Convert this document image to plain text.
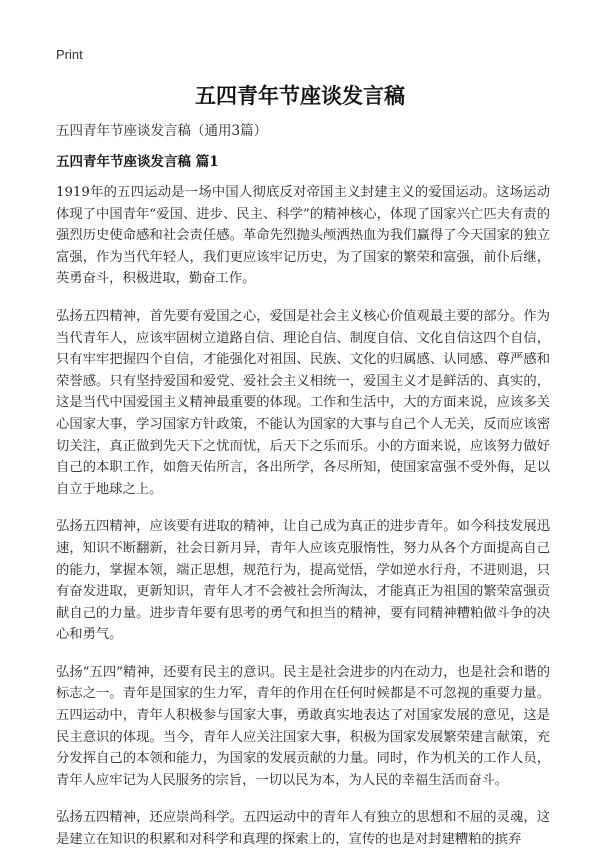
Print
五四青年节座谈发言稿

五四青年节座谈发言稿（通用3篇）

五四青年节座谈发言稿 篇1

1919年的五四运动是一场中国人彻底反对帝国主义封建主义的爱国运动。这场运动体现了中国青年“爱国、进步、民主、科学”的精神核心，体现了国家兴亡匹夫有责的强烈历史使命感和社会责任感。革命先烈抛头颅洒热血为我们赢得了今天国家的独立富强，作为当代年轻人，我们更应该牢记历史，为了国家的繁荣和富强，前仆后继，英勇奋斗，积极进取，勤奋工作。

弘扬五四精神，首先要有爱国之心，爱国是社会主义核心价值观最主要的部分。作为当代青年人，应该牢固树立道路自信、理论自信、制度自信、文化自信这四个自信，只有牢牢把握四个自信，才能强化对祖国、民族、文化的归属感、认同感、尊严感和荣誉感。只有坚持爱国和爱党、爱社会主义相统一，爱国主义才是鲜活的、真实的，这是当代中国爱国主义精神最重要的体现。工作和生活中，大的方面来说，应该多关心国家大事，学习国家方针政策，不能认为国家的大事与自己个人无关，反而应该密切关注，真正做到先天下之忧而忧，后天下之乐而乐。小的方面来说，应该努力做好自己的本职工作，如詹天佑所言，各出所学，各尽所知，使国家富强不受外侮，足以自立于地球之上。

弘扬五四精神，应该要有进取的精神，让自己成为真正的进步青年。如今科技发展迅速，知识不断翻新，社会日新月异，青年人应该克服惰性，努力从各个方面提高自己的能力，掌握本领，端正思想，规范行为，提高觉悟，学如逆水行舟，不进则退，只有奋发进取，更新知识，青年人才不会被社会所淘汰，才能真正为祖国的繁荣富强贡献自己的力量。进步青年要有思考的勇气和担当的精神，要有同精神糟粕做斗争的决心和勇气。

弘扬“五四”精神，还要有民主的意识。民主是社会进步的内在动力，也是社会和谐的标志之一。青年是国家的生力军，青年的作用在任何时候都是不可忽视的重要力量。五四运动中，青年人积极参与国家大事，勇敢真实地表达了对国家发展的意见，这是民主意识的体现。当今，青年人应关注国家大事，积极为国家发展繁荣建言献策，充分发挥自己的本领和能力，为国家的发展贡献的力量。同时，作为机关的工作人员，青年人应牢记为人民服务的宗旨，一切以民为本，为人民的幸福生活而奋斗。

弘扬五四精神，还应崇尚科学。五四运动中的青年人有独立的思想和不屈的灵魂，这是建立在知识的积累和对科学和真理的探索上的，宣传的也是对封建糟粕的摈弃
